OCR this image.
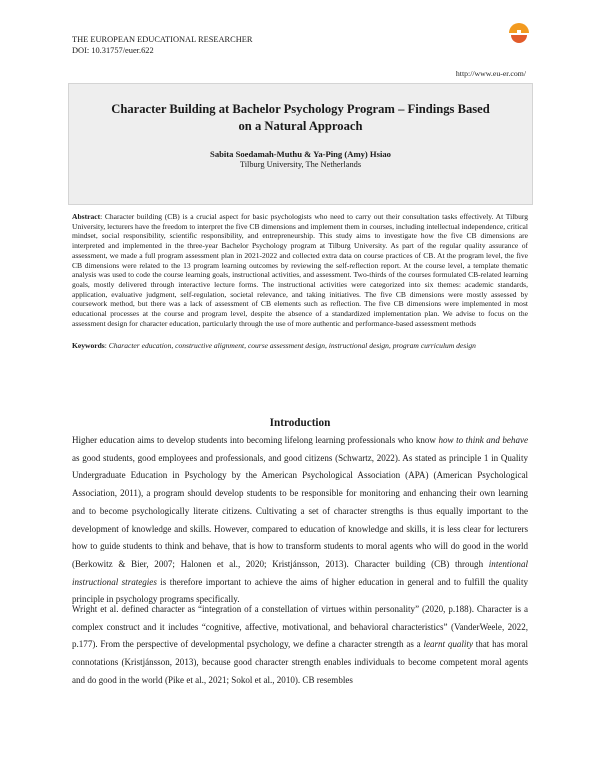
THE EUROPEAN EDUCATIONAL RESEARCHER
DOI: 10.31757/euer.622
http://www.eu-er.com/
Character Building at Bachelor Psychology Program – Findings Based
on a Natural Approach
Sabita Soedamah-Muthu & Ya-Ping (Amy) Hsiao
Tilburg University, The Netherlands
Abstract: Character building (CB) is a crucial aspect for basic psychologists who need to carry out their consultation tasks effectively. At Tilburg University, lecturers have the freedom to interpret the five CB dimensions and implement them in courses, including intellectual independence, critical mindset, social responsibility, scientific responsibility, and entrepreneurship. This study aims to investigate how the five CB dimensions are interpreted and implemented in the three-year Bachelor Psychology program at Tilburg University. As part of the regular quality assurance of assessment, we made a full program assessment plan in 2021-2022 and collected extra data on course practices of CB. At the program level, the five CB dimensions were related to the 13 program learning outcomes by reviewing the self-reflection report. At the course level, a template thematic analysis was used to code the course learning goals, instructional activities, and assessment. Two-thirds of the courses formulated CB-related learning goals, mostly delivered through interactive lecture forms. The instructional activities were categorized into six themes: academic standards, application, evaluative judgment, self-regulation, societal relevance, and taking initiatives. The five CB dimensions were mostly assessed by coursework method, but there was a lack of assessment of CB elements such as reflection. The five CB dimensions were implemented in most educational processes at the course and program level, despite the absence of a standardized implementation plan. We advise to focus on the assessment design for character education, particularly through the use of more authentic and performance-based assessment methods
Keywords: Character education, constructive alignment, course assessment design, instructional design, program curriculum design
Introduction
Higher education aims to develop students into becoming lifelong learning professionals who know how to think and behave as good students, good employees and professionals, and good citizens (Schwartz, 2022). As stated as principle 1 in Quality Undergraduate Education in Psychology by the American Psychological Association (APA) (American Psychological Association, 2011), a program should develop students to be responsible for monitoring and enhancing their own learning and to become psychologically literate citizens. Cultivating a set of character strengths is thus equally important to the development of knowledge and skills. However, compared to education of knowledge and skills, it is less clear for lecturers how to guide students to think and behave, that is how to transform students to moral agents who will do good in the world (Berkowitz & Bier, 2007; Halonen et al., 2020; Kristjánsson, 2013). Character building (CB) through intentional instructional strategies is therefore important to achieve the aims of higher education in general and to fulfill the quality principle in psychology programs specifically.
Wright et al. defined character as “integration of a constellation of virtues within personality” (2020, p.188). Character is a complex construct and it includes “cognitive, affective, motivational, and behavioral characteristics” (VanderWeele, 2022, p.177). From the perspective of developmental psychology, we define a character strength as a learnt quality that has moral connotations (Kristjánsson, 2013), because good character strength enables individuals to become competent moral agents and do good in the world (Pike et al., 2021; Sokol et al., 2010). CB resembles
